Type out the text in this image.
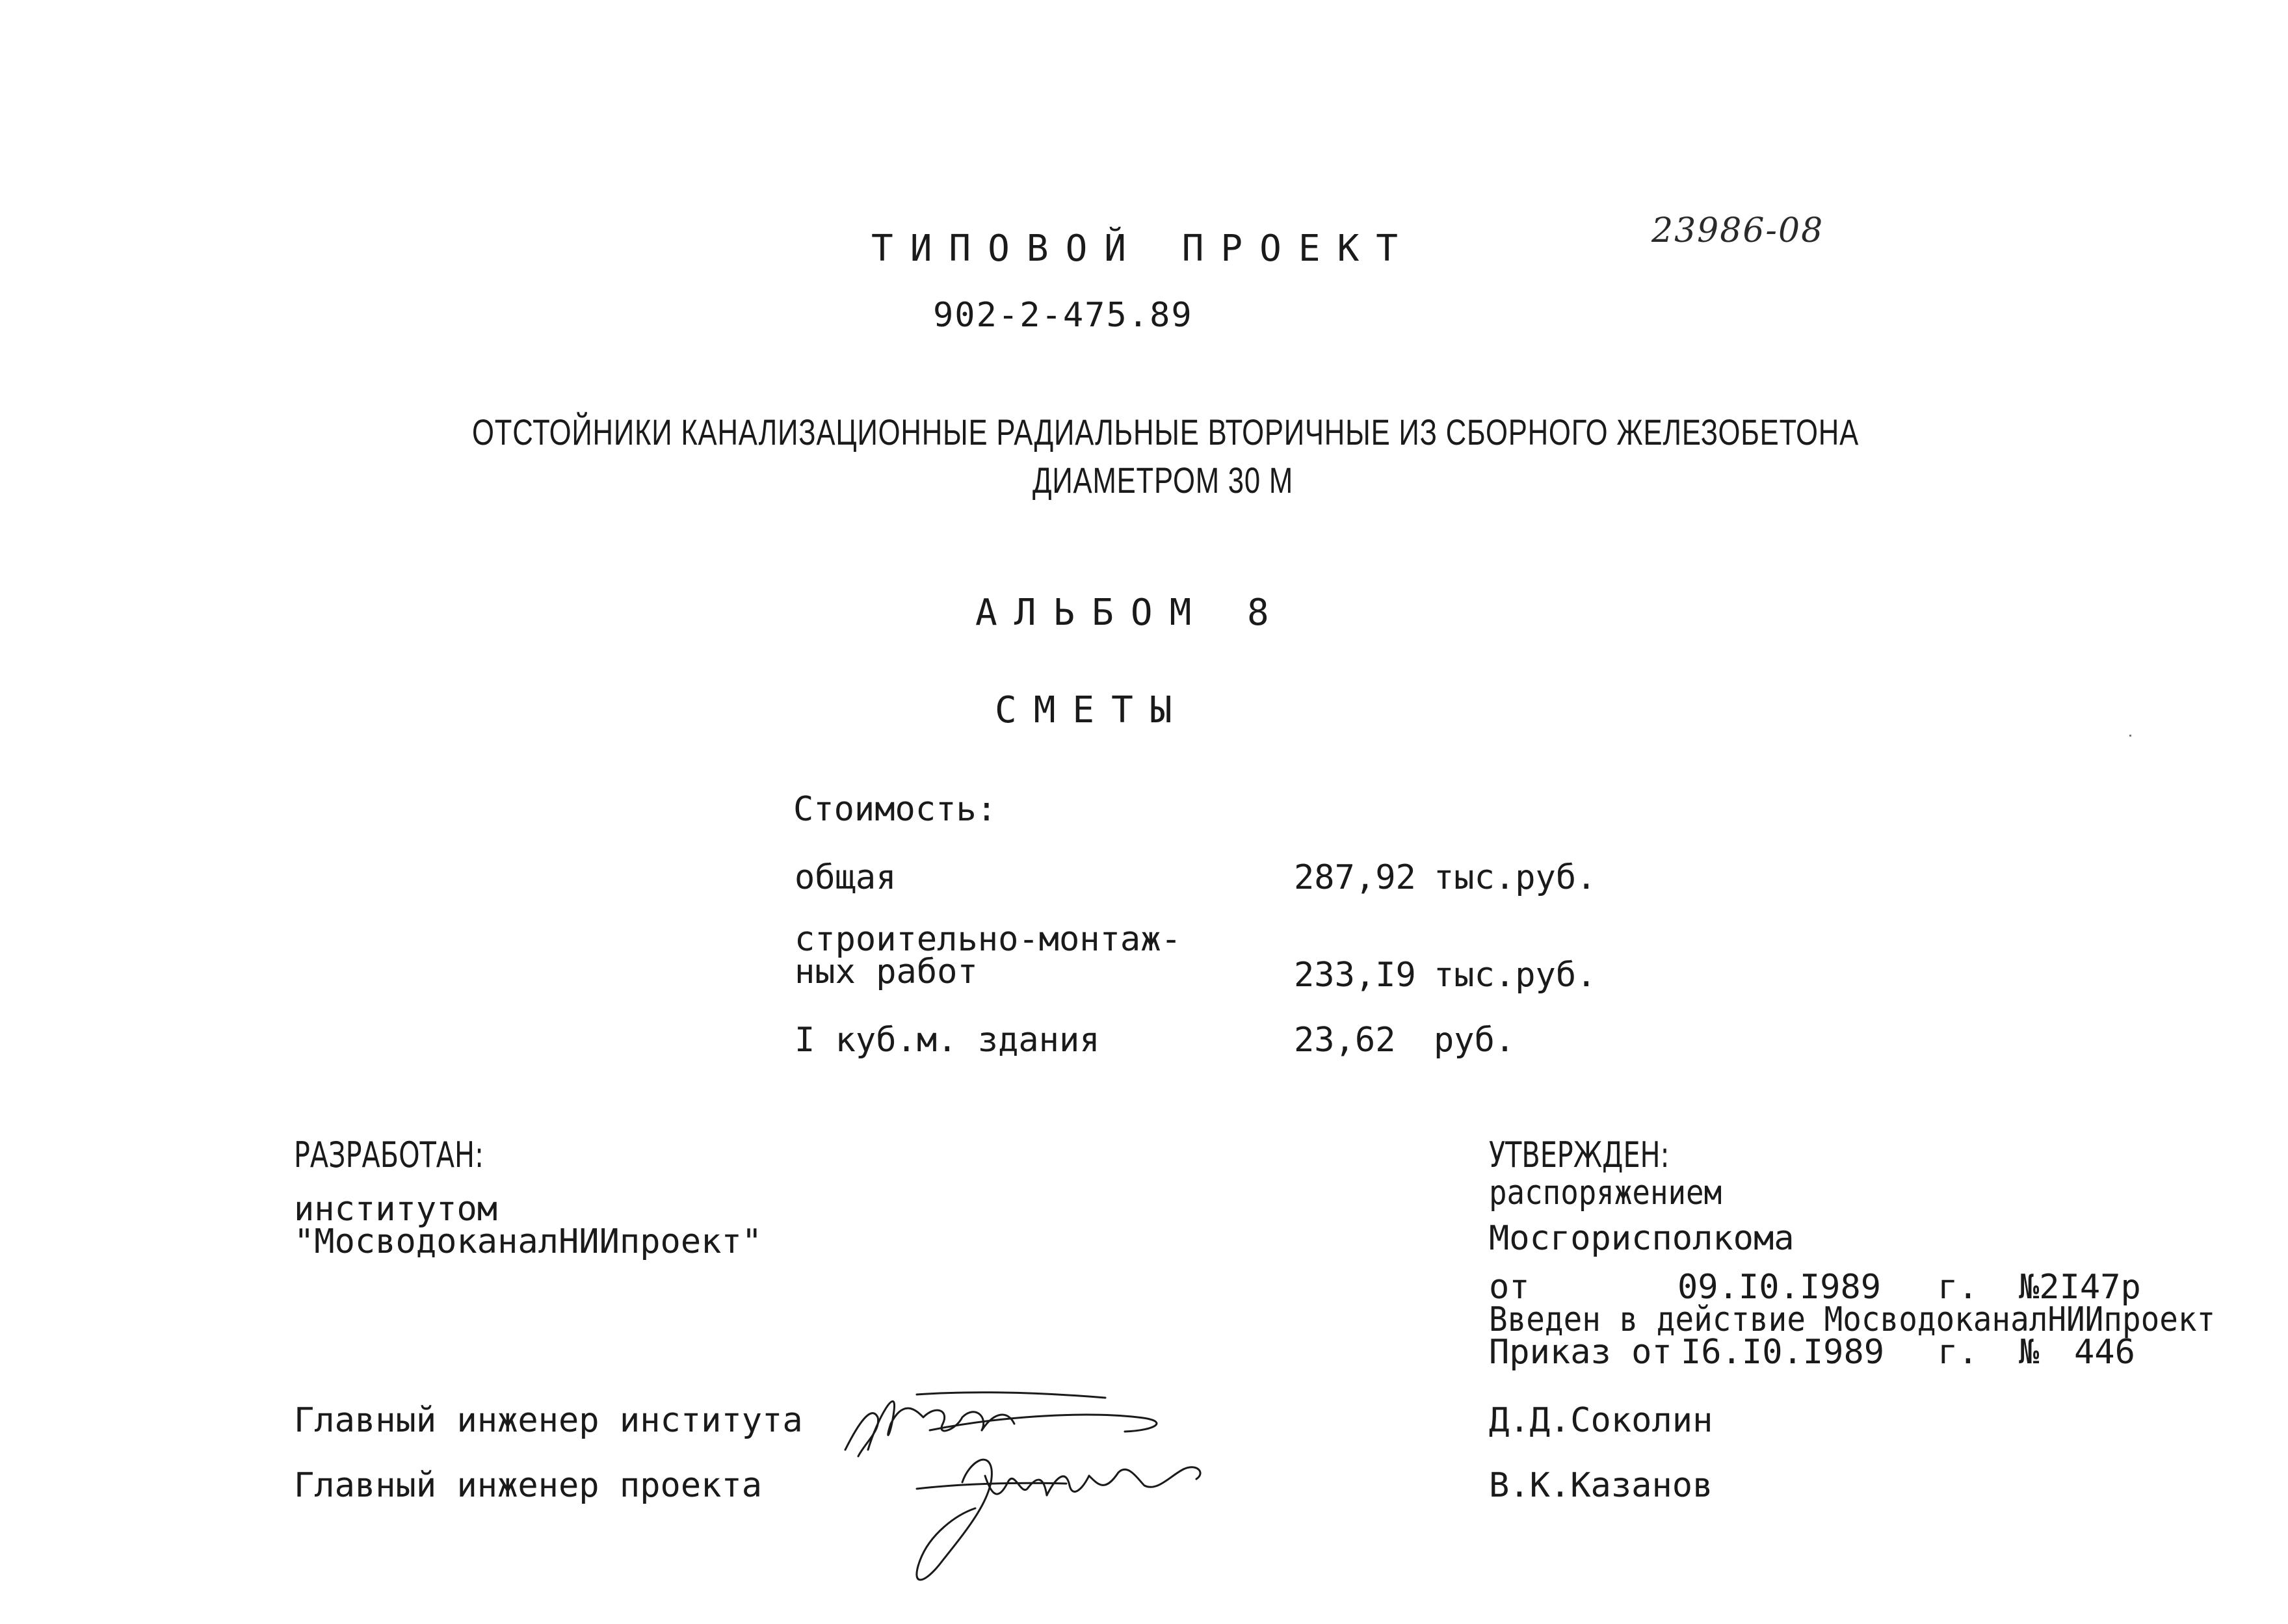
ТИПОВОЙ ПРОЕКТ
902-2-475.89
23986-08
ОТСТОЙНИКИ КАНАЛИЗАЦИОННЫЕ РАДИАЛЬНЫЕ ВТОРИЧНЫЕ ИЗ СБОРНОГО ЖЕЛЕЗОБЕТОНА
ДИАМЕТРОМ 30 М
АЛЬБОМ 8
СМЕТЫ
Стоимость:
общая	287,92 тыс.руб.
строительно-монтаж-
ных работ	233,I9 тыс.руб.
I куб.м. здания	23,62 руб.
РАЗРАБОТАН:
институтом
"МосводоканалНИИпроект"
УТВЕРЖДЕН:
распоряжением
Мосгорисполкома
от	09.I0.I989 г. №2I47р
Введен в действие МосводоканалНИИпроект
Приказ от I6.I0.I989 г. № 446
Главный инженер института	Д.Д.Соколин
Главный инженер проекта	В.К.Казанов
